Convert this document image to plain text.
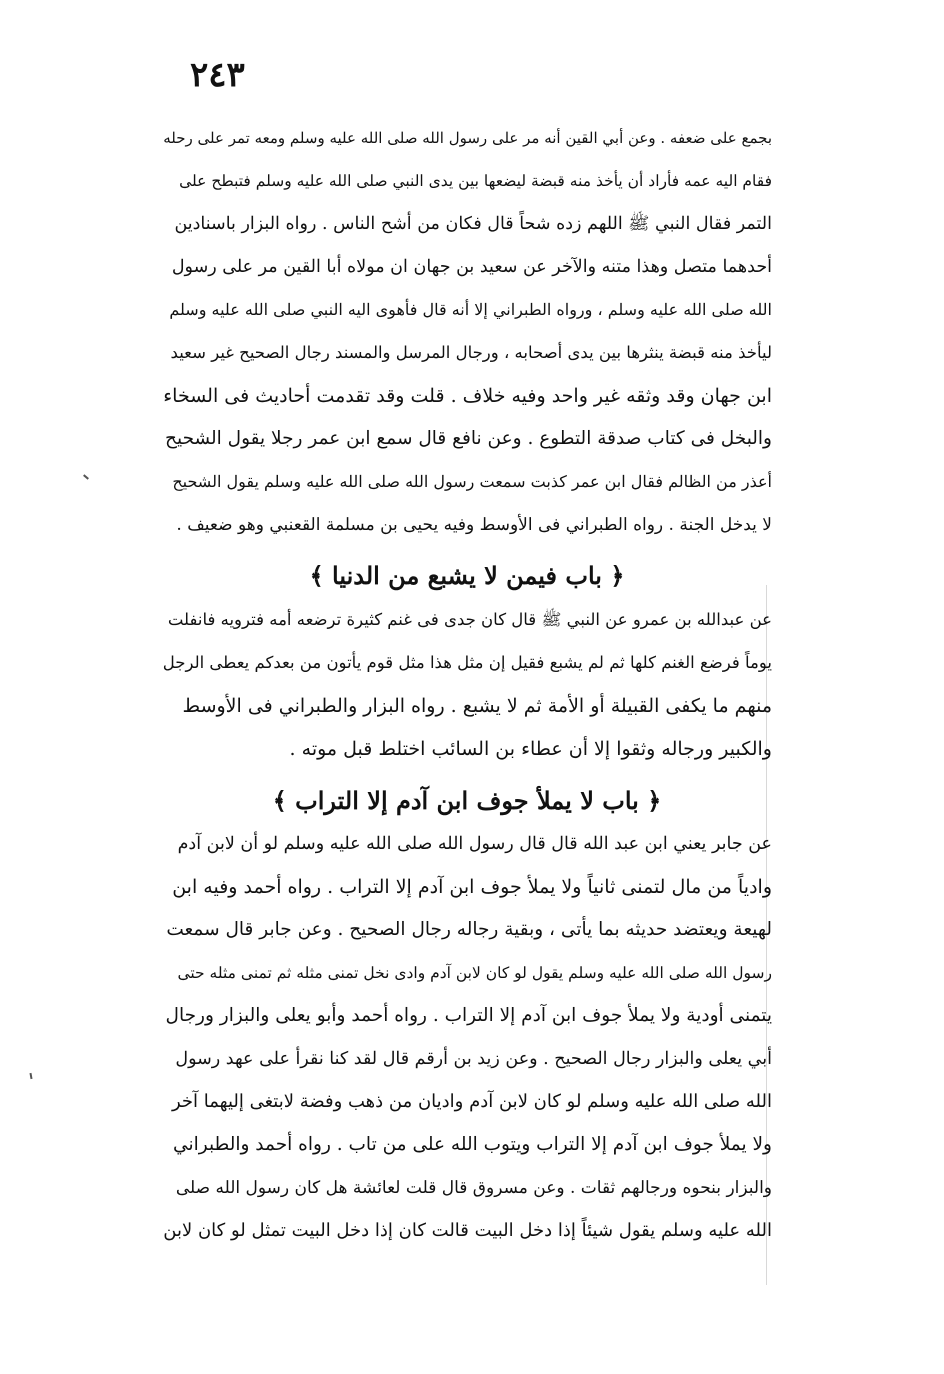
٢٤٣
بجمع على ضعفه . وعن أبي القين أنه مر على رسول الله صلى الله عليه وسلم ومعه تمر على رحله
فقام اليه عمه فأراد أن يأخذ منه قبضة ليضعها بين يدى النبي صلى الله عليه وسلم فتبطح على
التمر فقال النبي ﷺ اللهم زده شحاً قال فكان من أشح الناس . رواه البزار باسنادين
أحدهما متصل وهذا متنه والآخر عن سعيد بن جهان ان مولاه أبا القين مر على رسول
الله صلى الله عليه وسلم ، ورواه الطبراني إلا أنه قال فأهوى اليه النبي صلى الله عليه وسلم
ليأخذ منه قبضة ينثرها بين يدى أصحابه ، ورجال المرسل والمسند رجال الصحيح غير سعيد
ابن جهان وقد وثقه غير واحد وفيه خلاف . قلت وقد تقدمت أحاديث فى السخاء
والبخل فى كتاب صدقة التطوع . وعن نافع قال سمع ابن عمر رجلا يقول الشحيح
أعذر من الظالم فقال ابن عمر كذبت سمعت رسول الله صلى الله عليه وسلم يقول الشحيح
لا يدخل الجنة . رواه الطبراني فى الأوسط وفيه يحيى بن مسلمة القعنبي وهو ضعيف .
﴿ باب فيمن لا يشبع من الدنيا ﴾
عن عبدالله بن عمرو عن النبي ﷺ قال كان جدى فى غنم كثيرة ترضعه أمه فترويه فانفلت
يوماً فرضع الغنم كلها ثم لم يشبع فقيل إن مثل هذا مثل قوم يأتون من بعدكم يعطى الرجل
منهم ما يكفى القبيلة أو الأمة ثم لا يشبع . رواه البزار والطبراني فى الأوسط
والكبير ورجاله وثقوا إلا أن عطاء بن السائب اختلط قبل موته .
﴿ باب لا يملأ جوف ابن آدم إلا التراب ﴾
عن جابر يعني ابن عبد الله قال قال رسول الله صلى الله عليه وسلم لو أن لابن آدم
وادياً من مال لتمنى ثانياً ولا يملأ جوف ابن آدم إلا التراب . رواه أحمد وفيه ابن
لهيعة ويعتضد حديثه بما يأتى ، وبقية رجاله رجال الصحيح . وعن جابر قال سمعت
رسول الله صلى الله عليه وسلم يقول لو كان لابن آدم وادى نخل تمنى مثله ثم تمنى مثله حتى
يتمنى أودية ولا يملأ جوف ابن آدم إلا التراب . رواه أحمد وأبو يعلى والبزار ورجال
أبي يعلى والبزار رجال الصحيح . وعن زيد بن أرقم قال لقد كنا نقرأ على عهد رسول
الله صلى الله عليه وسلم لو كان لابن آدم واديان من ذهب وفضة لابتغى إليهما آخر
ولا يملأ جوف ابن آدم إلا التراب ويتوب الله على من تاب . رواه أحمد والطبراني
والبزار بنحوه ورجالهم ثقات . وعن مسروق قال قلت لعائشة هل كان رسول الله صلى
الله عليه وسلم يقول شيئاً إذا دخل البيت قالت كان إذا دخل البيت تمثل لو كان لابن
